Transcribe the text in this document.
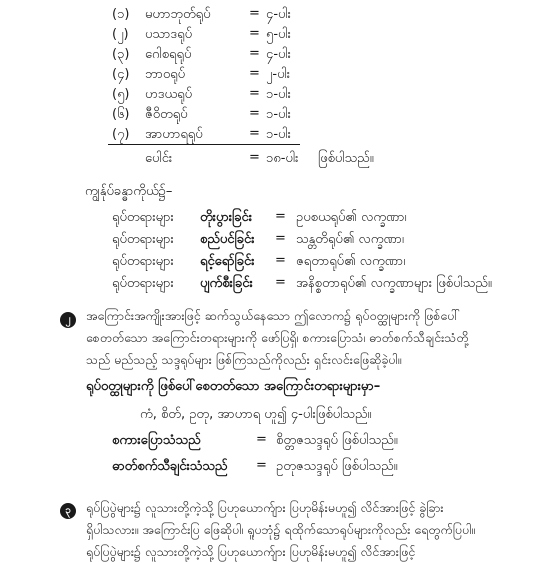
(၁) မဟာဘုတ်ရုပ်	= ၄-ပါး
(၂) ပသာဒရုပ်	= ၅-ပါး
(၃) ဂေါစရရုပ်	= ၄-ပါး
(၄) ဘာဝရုပ်	= ၂-ပါး
(၅) ဟဒယရုပ်	= ၁-ပါး
(၆) ဇီဝိတရုပ်	= ၁-ပါး
(၇) အာဟာရရုပ်	= ၁-ပါး
ပေါင်း	= ၁၈-ပါး ဖြစ်ပါသည်။
ကျွန်ုပ်ခန္ဓာကိုယ်၌–
ရုပ်တရားများ တိုးပွားခြင်း = ဥပစယရုပ်၏ လက္ခဏာ၊
ရုပ်တရားများ စည်ပင်ခြင်း = သန္တတိရုပ်၏ လက္ခဏာ၊
ရုပ်တရားများ ရင့်ရော်ခြင်း = ဇရတာရုပ်၏ လက္ခဏာ၊
ရုပ်တရားများ ပျက်စီးခြင်း = အနိစ္စတာရုပ်၏ လက္ခဏာများ ဖြစ်ပါသည်။
၂	အကြောင်းအကျိုးအားဖြင့် ဆက်သွယ်နေသော ဤလောက၌ ရုပ်ဝတ္ထုများကို ဖြစ်ပေါ်
စေတတ်သော အကြောင်းတရားများကို ဖော်ပြရှိ၊ စကားပြောသံ၊ ဓာတ်စက်သီချင်းသံတို့
သည် မည်သည့် သဒ္ဒရုပ်များ ဖြစ်ကြသည်ကိုလည်း ရှင်းလင်းဖြေဆိုခဲ့ပါ။
ရုပ်ဝတ္ထုများကို ဖြစ်ပေါ်စေတတ်သော အကြောင်းတရားများမှာ–
ကံ, စိတ်, ဥတု, အာဟာရ ဟူ၍ ၄-ပါးဖြစ်ပါသည်။
စကားပြောသံသည်	= စိတ္တဇသဒ္ဒရုပ် ဖြစ်ပါသည်။
ဓာတ်စက်သီချင်းသံသည် = ဥတုဇသဒ္ဒရုပ် ဖြစ်ပါသည်။
၃	ရုပ်ပြပွဲများ၌ လူသားတို့ကဲ့သို့ ပြဟုယောက်ျား ပြဟုမိန်းမဟူ၍ လိင်အားဖြင့် ခွဲခြား
ရှိပါသလား။ အကြောင်းပြ ဖြေဆိုပါ၊ ရူပဘုံ၌ ရထိုက်သောရုပ်များကိုလည်း ရေတွက်ပြပါ။
ရုပ်ပြပွဲများ၌ လူသားတို့ကဲ့သို့ ပြဟုယောက်ျား ပြဟုမိန်းမဟူ၍ လိင်အားဖြင့်
